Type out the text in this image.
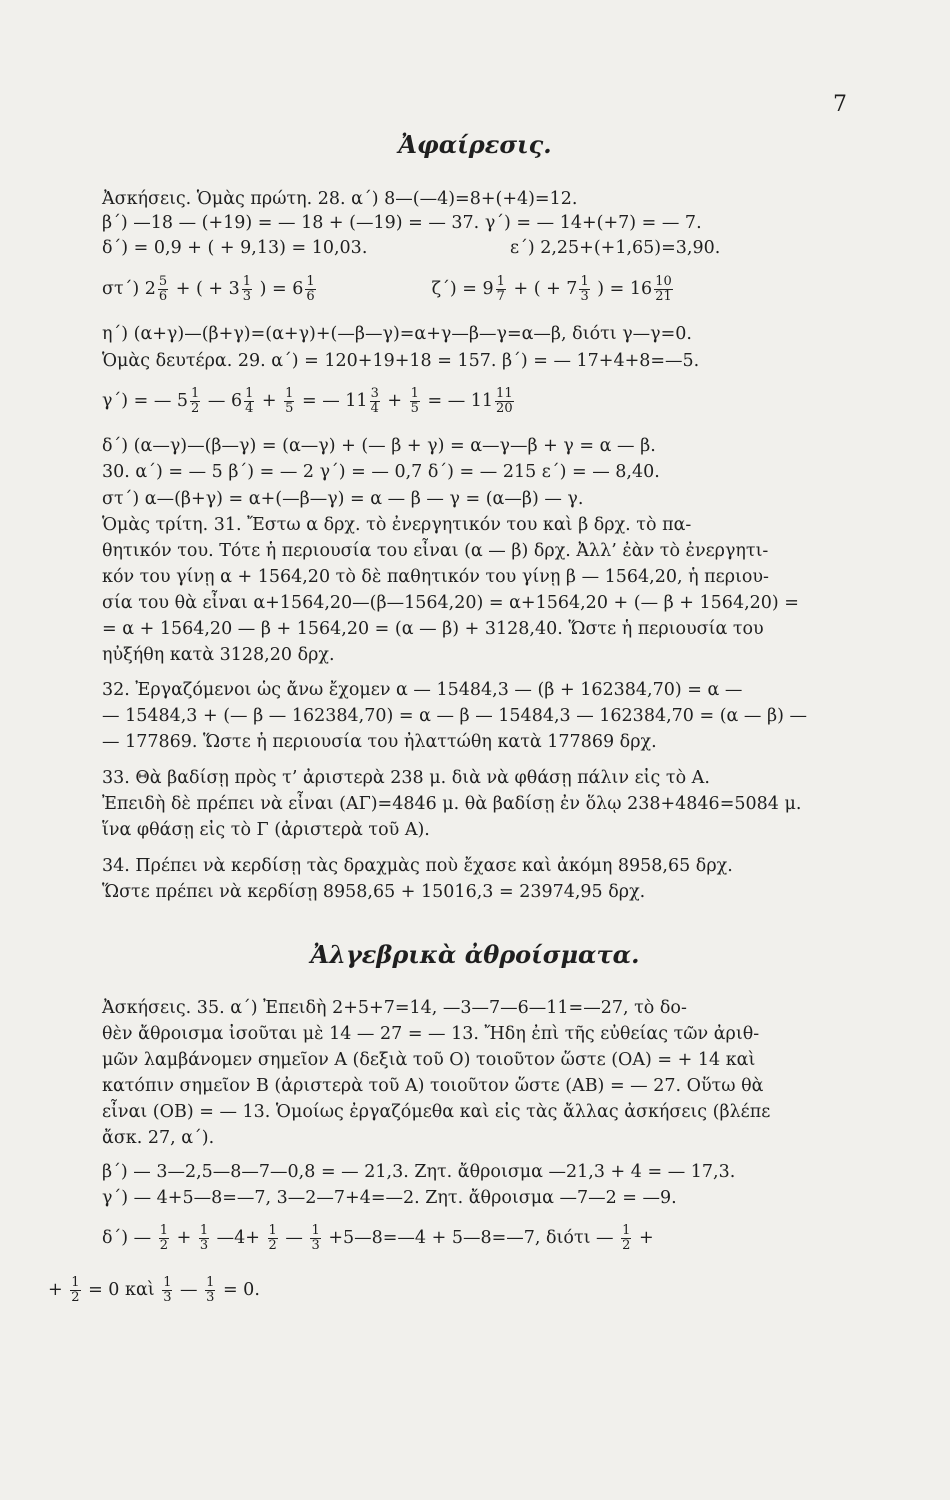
7
Ἀφαίρεσις.
Ἀσκήσεις. Ὁμὰς πρώτη. 28. α΄) 8—(—4)=8+(+4)=12.
β΄) —18 — (+19) = — 18 + (—19) = — 37. γ΄) = — 14+(+7) = — 7.
δ΄) = 0,9 + ( + 9,13) = 10,03.	ε΄) 2,25+(+1,65)=3,90.
στ΄) $2 \frac{5}{6}$ + ( + $3 \frac{1}{3}$ ) = $6 \frac{1}{6}$	$\zeta΄) = 9 \frac{1}{7}$ + ( + $7 \frac{1}{3}$ ) = $16 \frac{10}{21}$
η΄) (α+γ)—(β+γ)=(α+γ)+(—β—γ)=α+γ—β—γ=α—β, διότι γ—γ=0.
Ὁμὰς δευτέρα. 29. α΄) = 120+19+18 = 157. β΄) = — 17+4+8=—5.
γ΄) = — $5 \frac{1}{2}$ — $6 \frac{1}{4} + \frac{1}{5}$ = — $11 \frac{3}{4} + \frac{1}{5}$ = — $11 \frac{11}{20}$
δ΄) (α—γ)—(β—γ) = (α—γ) + (— β + γ) = α—γ—β + γ = α — β.
30. α΄) = — 5 β΄) = — 2 γ΄) = — 0,7 δ΄) = — 215 ε΄) = — 8,40.
στ΄) α—(β+γ) = α+(—β—γ) = α — β — γ = (α—β) — γ.
Ὁμὰς τρίτη. 31. Ἔστω α δρχ. τὸ ἐνεργητικόν του καὶ β δρχ. τὸ πα-
θητικόν του. Τότε ἡ περιουσία του εἶναι (α — β) δρχ. Ἀλλ’ ἐὰν τὸ ἐνεργητι-
κόν του γίνῃ α + 1564,20 τὸ δὲ παθητικόν του γίνῃ β — 1564,20, ἡ περιου-
σία του θὰ εἶναι α+1564,20—(β—1564,20) = α+1564,20 + (— β + 1564,20) =
= α + 1564,20 — β + 1564,20 = (α — β) + 3128,40. Ὥστε ἡ περιουσία του
ηὐξήθη κατὰ 3128,20 δρχ.
32. Ἐργαζόμενοι ὡς ἄνω ἔχομεν α — 15484,3 — (β + 162384,70) = α —
— 15484,3 + (— β — 162384,70) = α — β — 15484,3 — 162384,70 = (α — β) —
— 177869. Ὥστε ἡ περιουσία του ἠλαττώθη κατὰ 177869 δρχ.
33. Θὰ βαδίσῃ πρὸς τ’ ἀριστερὰ 238 μ. διὰ νὰ φθάσῃ πάλιν εἰς τὸ Α.
Ἐπειδὴ δὲ πρέπει νὰ εἶναι (ΑΓ)=4846 μ. θὰ βαδίσῃ ἐν ὅλῳ 238+4846=5084 μ.
ἵνα φθάσῃ εἰς τὸ Γ (ἀριστερὰ τοῦ Α).
34. Πρέπει νὰ κερδίσῃ τὰς δραχμὰς ποὺ ἔχασε καὶ ἀκόμη 8958,65 δρχ.
Ὥστε πρέπει νὰ κερδίσῃ 8958,65 + 15016,3 = 23974,95 δρχ.
Ἀλγεβρικὰ ἀθροίσματα.
Ἀσκήσεις. 35. α΄) Ἐπειδὴ 2+5+7=14, —3—7—6—11=—27, τὸ δο-
θὲν ἄθροισμα ἰσοῦται μὲ 14 — 27 = — 13. Ἤδη ἐπὶ τῆς εὐθείας τῶν ἀριθ-
μῶν λαμβάνομεν σημεῖον Α (δεξιὰ τοῦ Ο) τοιοῦτον ὥστε (ΟΑ) = + 14 καὶ
κατόπιν σημεῖον Β (ἀριστερὰ τοῦ Α) τοιοῦτον ὥστε (ΑΒ) = — 27. Οὕτω θὰ
εἶναι (ΟΒ) = — 13. Ὁμοίως ἐργαζόμεθα καὶ εἰς τὰς ἄλλας ἀσκήσεις (βλέπε
ἄσκ. 27, α΄).
β΄) — 3—2,5—8—7—0,8 = — 21,3. Ζητ. ἄθροισμα —21,3 + 4 = — 17,3.
γ΄) — 4+5—8=—7, 3—2—7+4=—2. Ζητ. ἄθροισμα —7—2 = —9.
δ΄) — $\frac{1}{2} + \frac{1}{3}$ —4+ $\frac{1}{2}$ — $\frac{1}{3}$ +5—8=—4 + 5—8=—7, διότι — $\frac{1}{2}$ +
+ $\frac{1}{2} = 0$ καὶ $\frac{1}{3}$ — $\frac{1}{3} = 0$.
